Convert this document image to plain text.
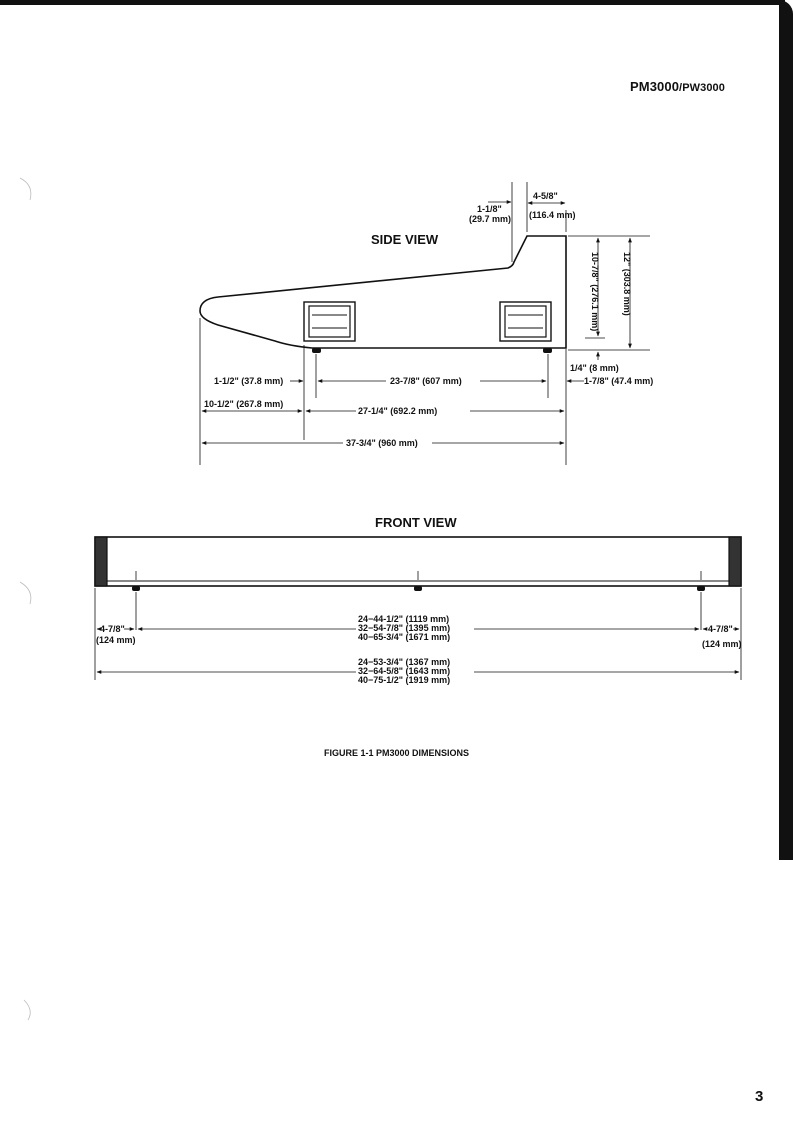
PM3000/PW3000
SIDE VIEW
1-1/8"
(29.7 mm)
4-5/8"
(116.4 mm)
10-7/8" (276.1 mm) 12" (303.8 mm)
1/4" (8 mm)
1-7/8" (47.4 mm)
1-1/2" (37.8 mm)	23-7/8" (607 mm)
10-1/2" (267.8 mm)
27-1/4" (692.2 mm)
37-3/4" (960 mm)
FRONT VIEW
4-7/8"
(124 mm)
4-7/8"
(124 mm)
24−44-1/2" (1119 mm)
32−54-7/8" (1395 mm)
40−65-3/4" (1671 mm)
24−53-3/4" (1367 mm)
32−64-5/8" (1643 mm)
40−75-1/2" (1919 mm)
FIGURE 1-1 PM3000 DIMENSIONS
3
